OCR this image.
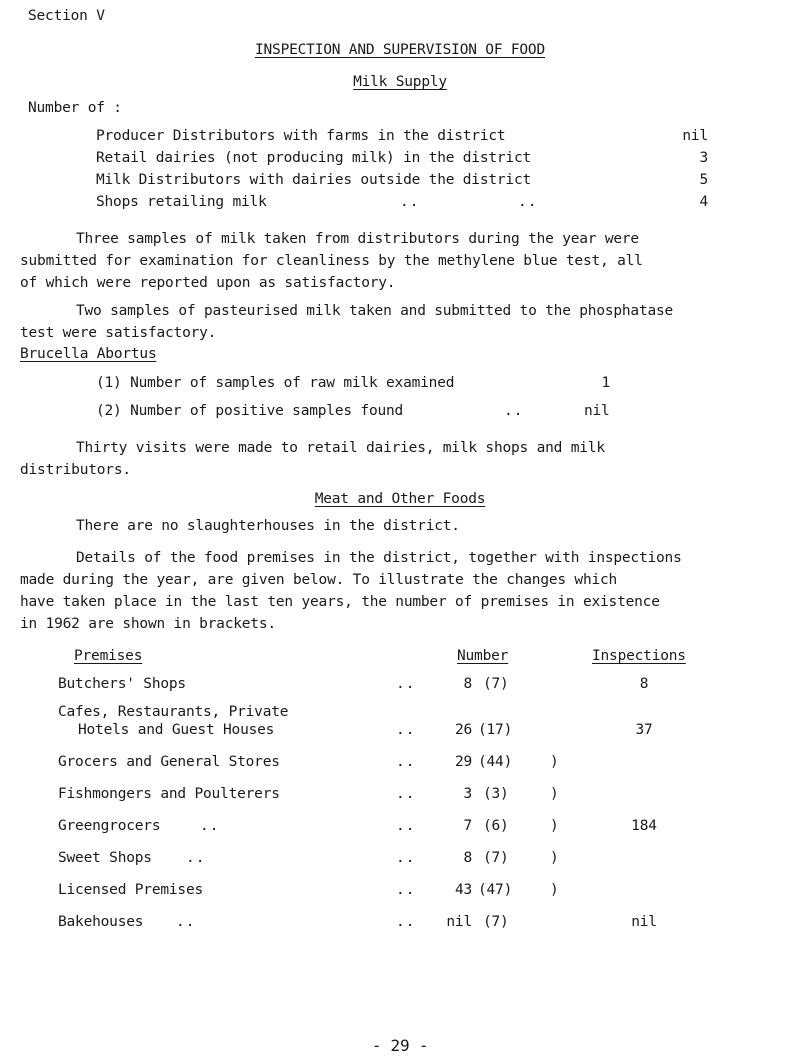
Section V
INSPECTION AND SUPERVISION OF FOOD
Milk Supply
Number of :
Producer Distributors with farms in the district	nil
Retail dairies (not producing milk) in the district	3
Milk Distributors with dairies outside the district	5
Shops retailing milk	..	..	4
Three samples of milk taken from distributors during the year were
submitted for examination for cleanliness by the methylene blue test, all
of which were reported upon as satisfactory.
Two samples of pasteurised milk taken and submitted to the phosphatase
test were satisfactory.
Brucella Abortus
(1) Number of samples of raw milk examined	1
(2) Number of positive samples found	..	nil
Thirty visits were made to retail dairies, milk shops and milk
distributors.
Meat and Other Foods
There are no slaughterhouses in the district.
Details of the food premises in the district, together with inspections
made during the year, are given below. To illustrate the changes which
have taken place in the last ten years, the number of premises in existence
in 1962 are shown in brackets.
Premises	Number	Inspections
Butchers' Shops	..	8 (7)	8
Cafes, Restaurants, Private
Hotels and Guest Houses	..	26 (17)	37
Grocers and General Stores	..	29 (44)	)
Fishmongers and Poulterers	..	3 (3)	)
Greengrocers	..	..	7 (6)	)	184
Sweet Shops ..	..	8 (7)	)
Licensed Premises	..	43 (47)	)
Bakehouses ..	..	nil (7)	nil
- 29 -
